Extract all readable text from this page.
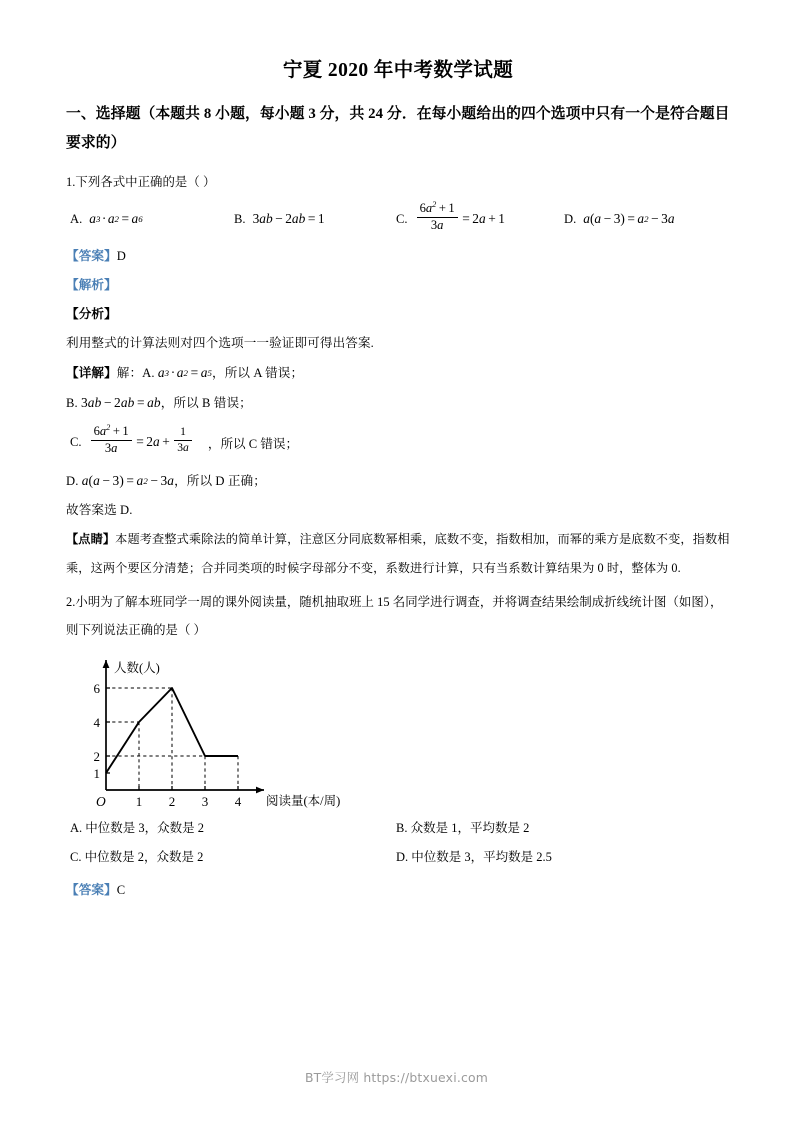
宁夏 2020 年中考数学试题
一、选择题（本题共 8 小题，每小题 3 分，共 24 分．在每小题给出的四个选项中只有一个是符合题目要求的）
1.下列各式中正确的是（ ）
A. a 3 · a 2 = a 6	B. 3 ab − 2 ab = 1	C. $\frac{6a^2 + 1}{3a} = 2$ a + 1	D. a ( a − 3 ) = a 2 − 3 a
【答案】D
【解析】
【分析】
利用整式的计算法则对四个选项一一验证即可得出答案.
【详解】解：A. a 3 · a 2 = a 5 ，所以 A 错误；
B. 3 ab − 2 ab = ab，所以 B 错误；
C. $\frac{6a^2 + 1}{3a} = 2$ $a + \frac{1}{3a}$ ，所以 C 错误；
D. a ( a − 3 ) = a 2 − 3 a，所以 D 正确；
故答案选 D.
【点睛】本题考查整式乘除法的简单计算，注意区分同底数幂相乘，底数不变，指数相加，而幂的乘方是底数不变，指数相乘，这两个要区分清楚；合并同类项的时候字母部分不变，系数进行计算，只有当系数计算结果为 0 时，整体为 0.
2.小明为了解本班同学一周的课外阅读量，随机抽取班上 15 名同学进行调查，并将调查结果绘制成折线统计图（如图），则下列说法正确的是（ ）
6
4
2
1
1 2 3 4
O
人数(人)
阅读量(本/周)
A. 中位数是 3，众数是 2	B. 众数是 1，平均数是 2
C. 中位数是 2，众数是 2	D. 中位数是 3，平均数是 2.5
【答案】C
BT学习网 https://btxuexi.com
